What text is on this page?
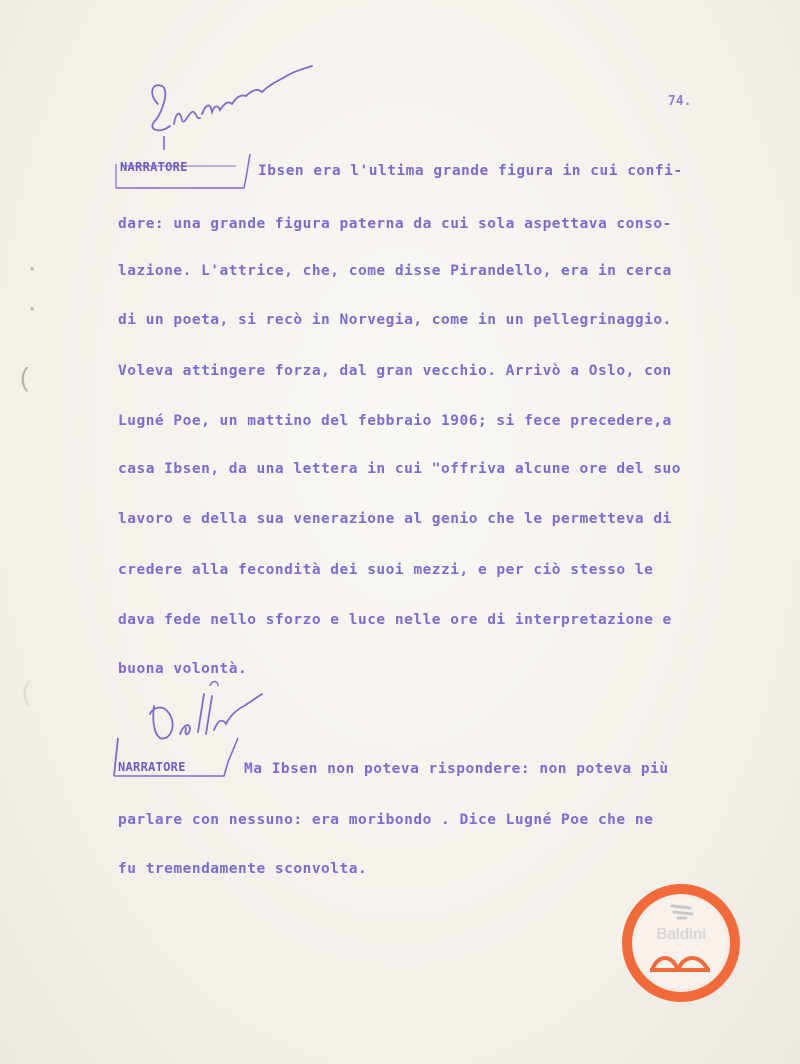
74.
NARRATORE	Ibsen era l'ultima grande figura in cui confi-
dare: una grande figura paterna da cui sola aspettava conso-
lazione. L'attrice, che, come disse Pirandello, era in cerca
di un poeta, si recò in Norvegia, come in un pellegrinaggio.
Voleva attingere forza, dal gran vecchio. Arrivò a Oslo, con
Lugné Poe, un mattino del febbraio 1906; si fece precedere,a
casa Ibsen, da una lettera in cui "offriva alcune ore del suo
lavoro e della sua venerazione al genio che le permetteva di
credere alla fecondità dei suoi mezzi, e per ciò stesso le
dava fede nello sforzo e luce nelle ore di interpretazione e
buona volontà.
NARRATORE	Ma Ibsen non poteva rispondere: non poteva più
parlare con nessuno: era moribondo . Dice Lugné Poe che ne
fu tremendamente sconvolta.
•
•
(
(
Baldini
